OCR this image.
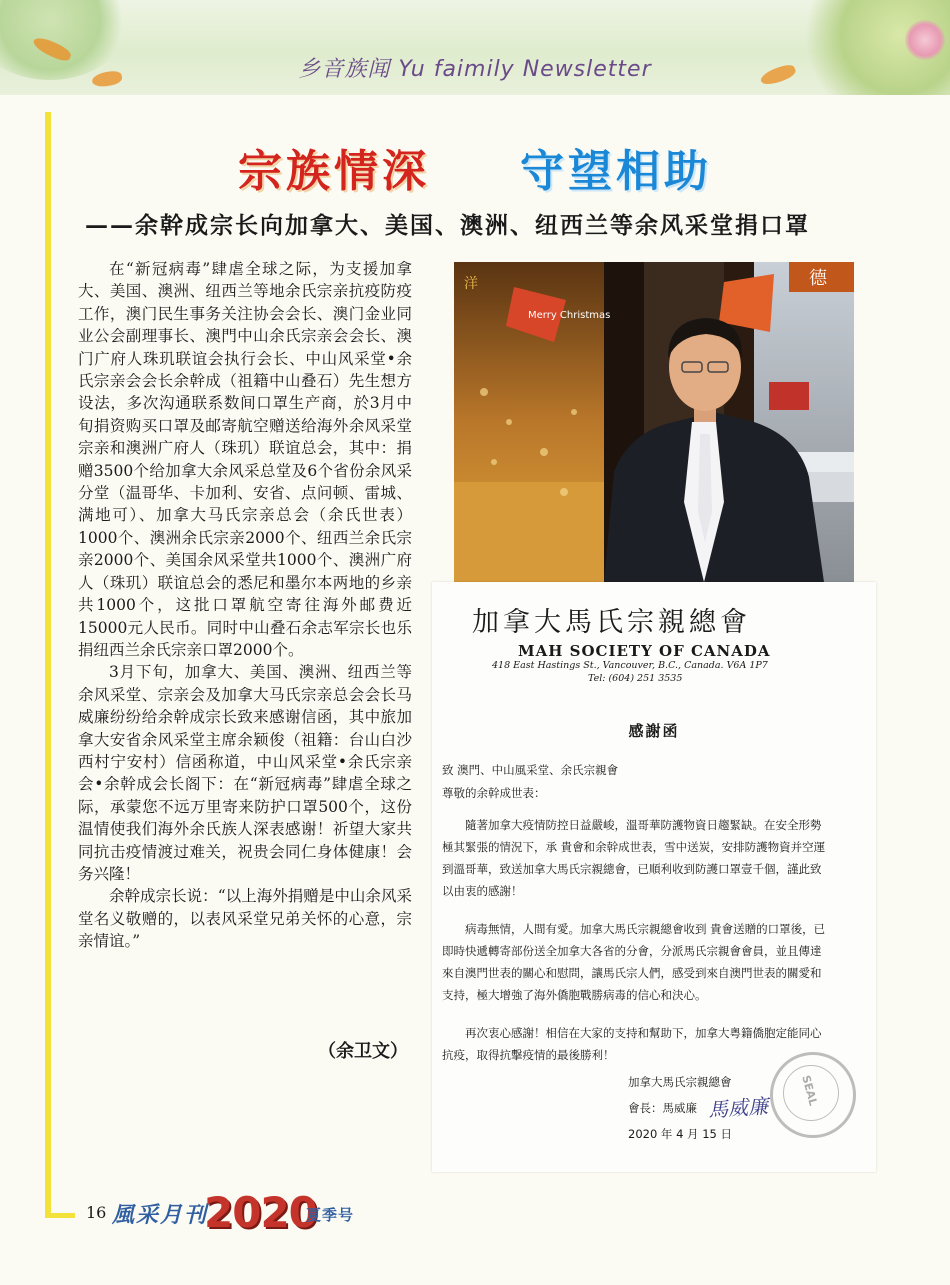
乡音族闻 Yu faimily Newsletter
宗族情深 守望相助
——余幹成宗长向加拿大、美国、澳洲、纽西兰等余风采堂捐口罩

在“新冠病毒”肆虐全球之际，为支援加拿大、美国、澳洲、纽西兰等地余氏宗亲抗疫防疫工作，澳门民生事务关注协会会长、澳门金业同业公会副理事长、澳門中山余氏宗亲会会长、澳门广府人珠玑联谊会执行会长、中山风采堂•余氏宗亲会会长余幹成（祖籍中山叠石）先生想方设法，多次沟通联系数间口罩生产商，於3月中旬捐资购买口罩及邮寄航空赠送给海外余风采堂宗亲和澳洲广府人（珠玑）联谊总会，其中：捐赠3500个给加拿大余风采总堂及6个省份余风采分堂（温哥华、卡加利、安省、点问顿、雷城、满地可）、加拿大马氏宗亲总会（余氏世表）1000个、澳洲余氏宗亲2000个、纽西兰余氏宗亲2000个、美国余风采堂共1000个、澳洲广府人（珠玑）联谊总会的悉尼和墨尔本两地的乡亲共1000个，这批口罩航空寄往海外邮费近15000元人民币。同时中山叠石余志军宗长也乐捐纽西兰余氏宗亲口罩2000个。

3月下旬，加拿大、美国、澳洲、纽西兰等余风采堂、宗亲会及加拿大马氏宗亲总会会长马威廉纷纷给余幹成宗长致来感谢信函，其中旅加拿大安省余风采堂主席余颖俊（祖籍：台山白沙西村宁安村）信函称道，中山风采堂•余氏宗亲会•余幹成会长阁下：在“新冠病毒”肆虐全球之际，承蒙您不远万里寄来防护口罩500个，这份温情使我们海外余氏族人深表感谢！祈望大家共同抗击疫情渡过难关，祝贵会同仁身体健康！会务兴隆！

余幹成宗长说：“以上海外捐赠是中山余风采堂名义敬赠的，以表风采堂兄弟关怀的心意，宗亲情谊。”

（余卫文）
Merry Christmas
洋	德
加拿大馬氏宗親總會
MAH SOCIETY OF CANADA
418 East Hastings St., Vancouver, B.C., Canada. V6A 1P7
Tel: (604) 251 3535
感謝函
致 澳門、中山風采堂、余氏宗親會
尊敬的余幹成世表：
隨著加拿大疫情防控日益嚴峻，溫哥華防護物資日趨緊缺。在安全形勢極其緊張的情況下，承 貴會和余幹成世表，雪中送炭，安排防護物資并空運到溫哥華，致送加拿大馬氏宗親總會，已順利收到防護口罩壹千個，謹此致以由衷的感謝！
病毒無情，人間有愛。加拿大馬氏宗親總會收到 貴會送贈的口罩後，已即時快遞轉寄部份送全加拿大各省的分會，分派馬氏宗親會會員，並且傳達來自澳門世表的關心和慰問，讓馬氏宗人們，感受到來自澳門世表的關愛和支持，極大增強了海外僑胞戰勝病毒的信心和決心。
再次衷心感謝！相信在大家的支持和幫助下，加拿大粤籍僑胞定能同心抗疫，取得抗擊疫情的最後勝利！
SEAL
加拿大馬氏宗親總會
會長：馬威廉 馬威廉
2020 年 4 月 15 日
16 風采月刊
2020
夏季号
